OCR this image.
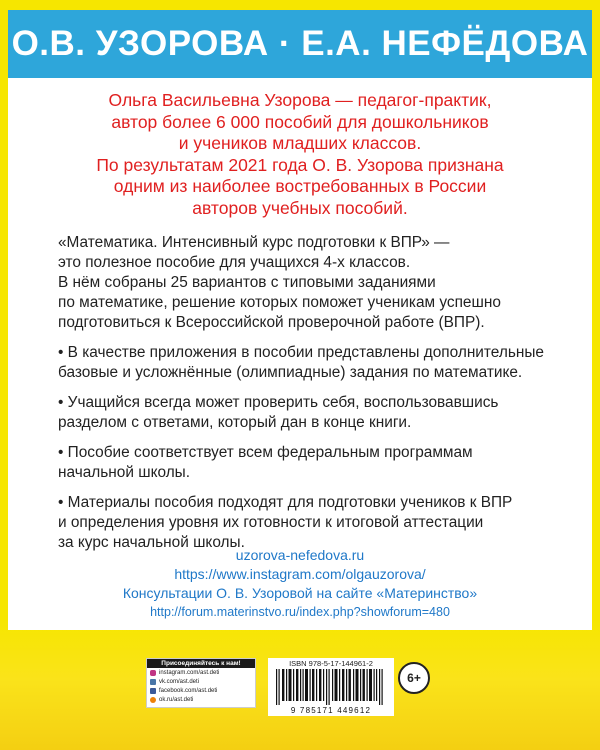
О.В. УЗОРОВА · Е.А. НЕФЁДОВА
Ольга Васильевна Узорова — педагог-практик,
автор более 6 000 пособий для дошкольников
и учеников младших классов.
По результатам 2021 года О. В. Узорова признана
одним из наиболее востребованных в России
авторов учебных пособий.
«Математика. Интенсивный курс подготовки к ВПР» —
это полезное пособие для учащихся 4-х классов.
В нём собраны 25 вариантов с типовыми заданиями
по математике, решение которых поможет ученикам успешно
подготовиться к Всероссийской проверочной работе (ВПР).
• В качестве приложения в пособии представлены дополнительные
базовые и усложнённые (олимпиадные) задания по математике.
• Учащийся всегда может проверить себя, воспользовавшись
разделом с ответами, который дан в конце книги.
• Пособие соответствует всем федеральным программам
начальной школы.
• Материалы пособия подходят для подготовки учеников к ВПР
и определения уровня их готовности к итоговой аттестации
за курс начальной школы.
uzorova-nefedova.ru
https://www.instagram.com/olgauzorova/
Консультации О. В. Узоровой на сайте «Материнство»
http://forum.materinstvo.ru/index.php?showforum=480
Присоединяйтесь к нам!
instagram.com/ast.deti
vk.com/ast.deti
facebook.com/ast.deti
ok.ru/ast.deti
ISBN 978-5-17-144961-2
9 785171 449612
6+
